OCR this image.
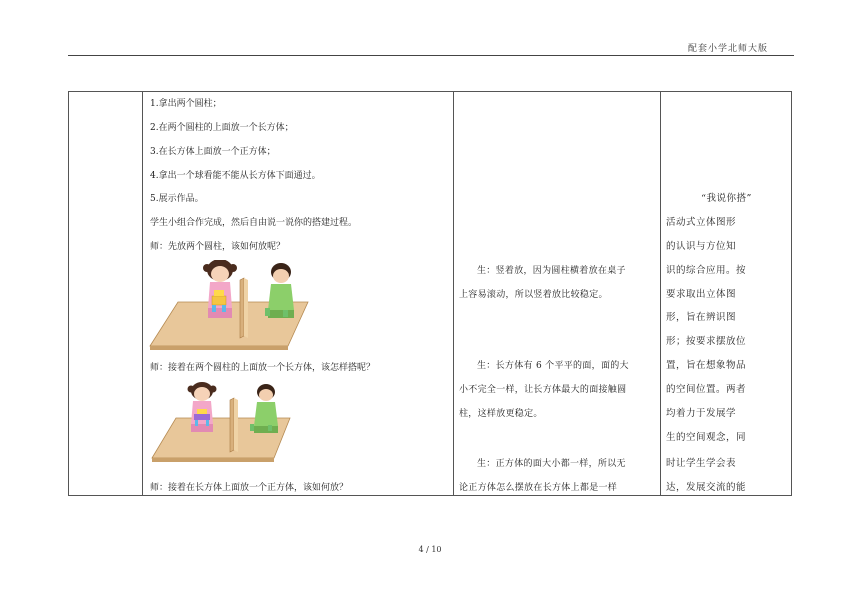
配套小学北师大版
1.拿出两个圆柱；
2.在两个圆柱的上面放一个长方体；
3.在长方体上面放一个正方体；
4.拿出一个球看能不能从长方体下面通过。
5.展示作品。
学生小组合作完成，然后自由说一说你的搭建过程。
师：先放两个圆柱，该如何放呢？
师：接着在两个圆柱的上面放一个长方体，该怎样搭呢？
师：接着在长方体上面放一个正方体，该如何放？
生：竖着放，因为圆柱横着放在桌子
上容易滚动，所以竖着放比较稳定。
生：长方体有 6 个平平的面，面的大
小不完全一样，让长方体最大的面接触圆
柱，这样放更稳定。
生：正方体的面大小都一样，所以无
论正方体怎么摆放在长方体上都是一样
“我说你搭”
活动式立体图形
的认识与方位知
识的综合应用。按
要求取出立体图
形，旨在辨识图
形；按要求摆放位
置，旨在想象物品
的空间位置。两者
均着力于发展学
生的空间观念，同
时让学生学会表
达，发展交流的能
4 / 10
